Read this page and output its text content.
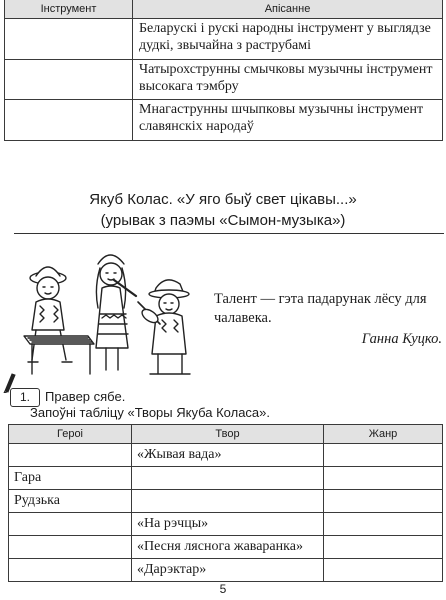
Інструмент	Апісанне
	Беларускі і рускі народны інструмент у выглядзе дудкі, звычайна з раструбамі
	Чатырохструнны смычковы музычны інструмент высокага тэмбру
	Мнагаструнны шчыпковы музычны інструмент славянскіх народаў
Якуб Колас. «У яго быў свет цікавы...»
(урывак з паэмы «Сымон-музыка»)
Талент — гэта падарунак лёсу для чалавека.
Ганна Куцко.
1.	Правер сябе.
Запоўні табліцу «Творы Якуба Коласа».
Героі	Твор	Жанр
	«Жывая вада»	
Гара		
Рудзька		
	«На рэчцы»	
	«Песня ляснога жаваранка»	
	«Дарэктар»	
5
